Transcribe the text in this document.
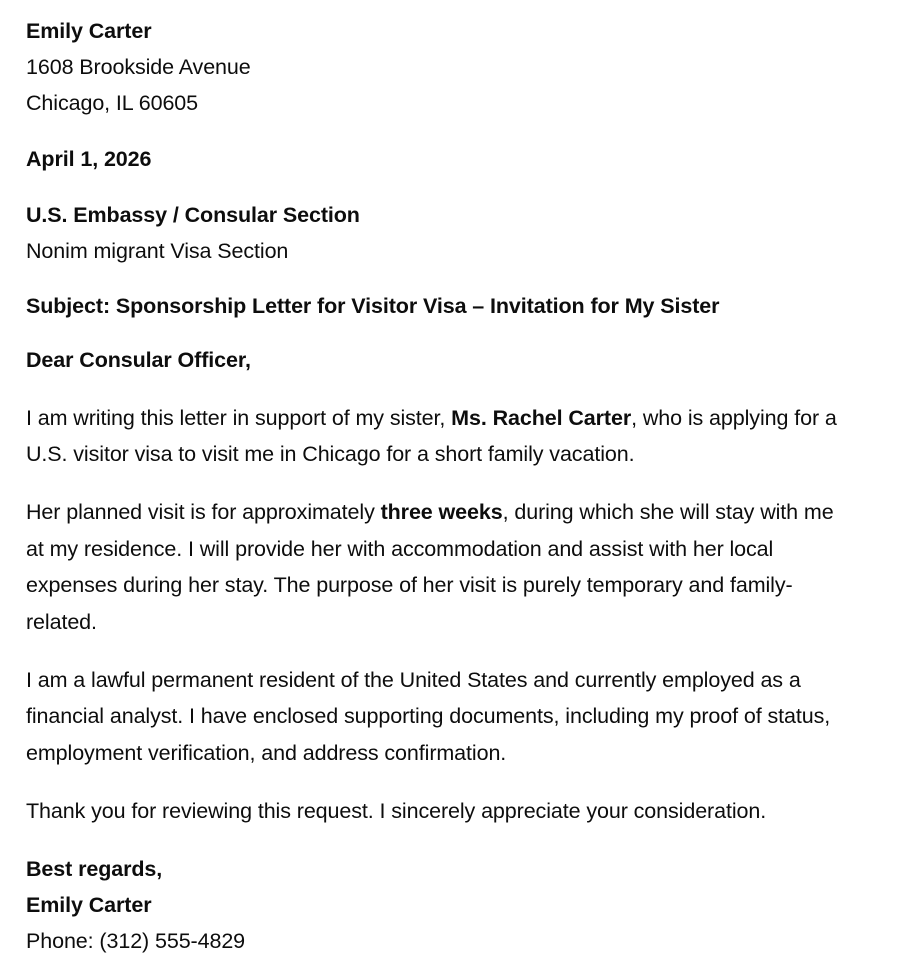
Emily Carter
1608 Brookside Avenue
Chicago, IL 60605
April 1, 2026
U.S. Embassy / Consular Section
Nonim migrant Visa Section
Subject: Sponsorship Letter for Visitor Visa – Invitation for My Sister
Dear Consular Officer,

I am writing this letter in support of my sister, Ms. Rachel Carter, who is applying for a U.S. visitor visa to visit me in Chicago for a short family vacation.

Her planned visit is for approximately three weeks, during which she will stay with me at my residence. I will provide her with accommodation and assist with her local expenses during her stay. The purpose of her visit is purely temporary and family-related.

I am a lawful permanent resident of the United States and currently employed as a financial analyst. I have enclosed supporting documents, including my proof of status, employment verification, and address confirmation.

Thank you for reviewing this request. I sincerely appreciate your consideration.

Best regards,
Emily Carter
Phone: (312) 555-4829
